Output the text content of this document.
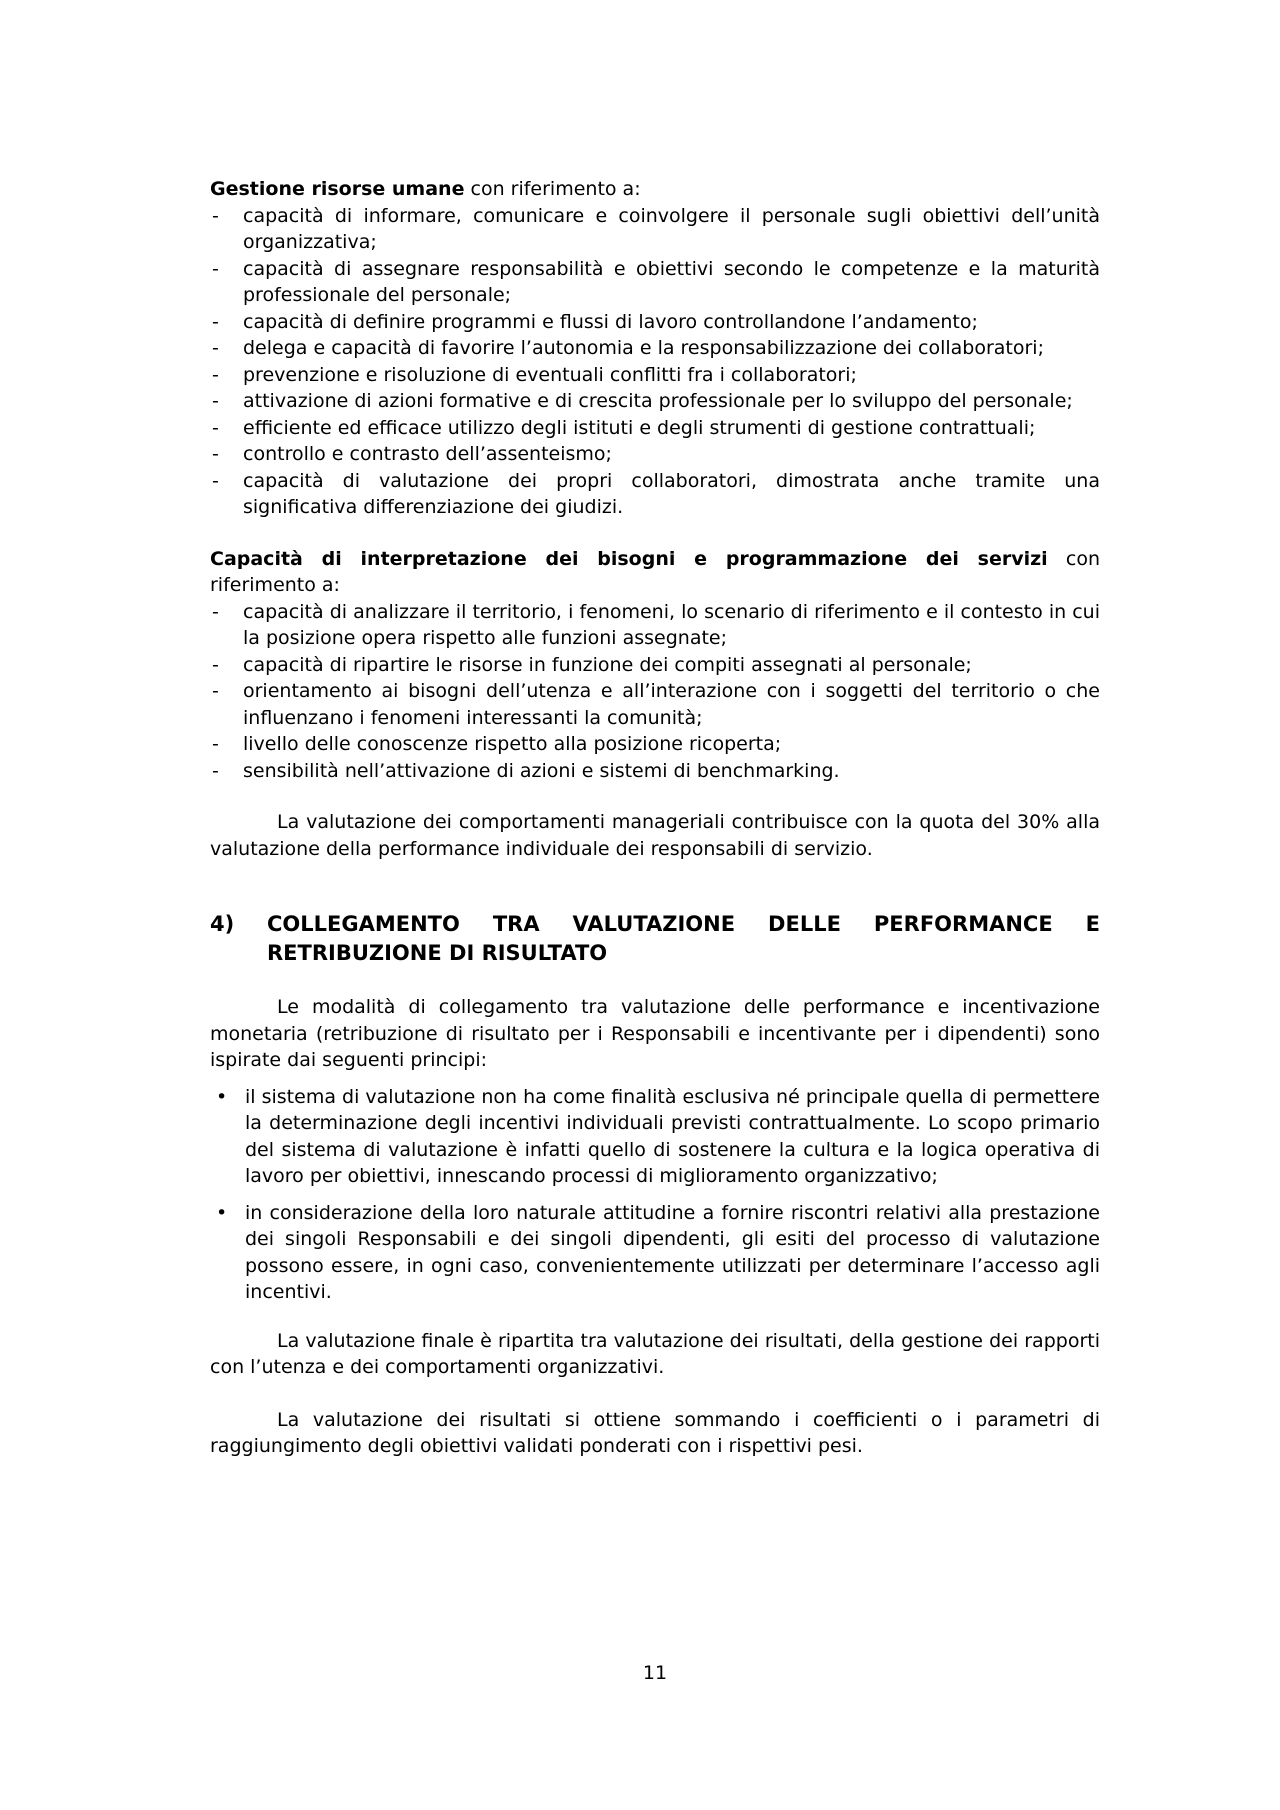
Gestione risorse umane con riferimento a:

- capacità di informare, comunicare e coinvolgere il personale sugli obiettivi dell’unità organizzativa;
- capacità di assegnare responsabilità e obiettivi secondo le competenze e la maturità professionale del personale;
- capacità di definire programmi e flussi di lavoro controllandone l’andamento;
- delega e capacità di favorire l’autonomia e la responsabilizzazione dei collaboratori;
- prevenzione e risoluzione di eventuali conflitti fra i collaboratori;
- attivazione di azioni formative e di crescita professionale per lo sviluppo del personale;
- efficiente ed efficace utilizzo degli istituti e degli strumenti di gestione contrattuali;
- controllo e contrasto dell’assenteismo;
- capacità di valutazione dei propri collaboratori, dimostrata anche tramite una significativa differenziazione dei giudizi.

Capacità di interpretazione dei bisogni e programmazione dei servizi con riferimento a:

- capacità di analizzare il territorio, i fenomeni, lo scenario di riferimento e il contesto in cui la posizione opera rispetto alle funzioni assegnate;
- capacità di ripartire le risorse in funzione dei compiti assegnati al personale;
- orientamento ai bisogni dell’utenza e all’interazione con i soggetti del territorio o che influenzano i fenomeni interessanti la comunità;
- livello delle conoscenze rispetto alla posizione ricoperta;
- sensibilità nell’attivazione di azioni e sistemi di benchmarking.

La valutazione dei comportamenti manageriali contribuisce con la quota del 30% alla valutazione della performance individuale dei responsabili di servizio.

4)	COLLEGAMENTO TRA VALUTAZIONE DELLE PERFORMANCE E RETRIBUZIONE DI RISULTATO

Le modalità di collegamento tra valutazione delle performance e incentivazione monetaria (retribuzione di risultato per i Responsabili e incentivante per i dipendenti) sono ispirate dai seguenti principi:

• il sistema di valutazione non ha come finalità esclusiva né principale quella di permettere la determinazione degli incentivi individuali previsti contrattualmente. Lo scopo primario del sistema di valutazione è infatti quello di sostenere la cultura e la logica operativa di lavoro per obiettivi, innescando processi di miglioramento organizzativo;
• in considerazione della loro naturale attitudine a fornire riscontri relativi alla prestazione dei singoli Responsabili e dei singoli dipendenti, gli esiti del processo di valutazione possono essere, in ogni caso, convenientemente utilizzati per determinare l’accesso agli incentivi.

La valutazione finale è ripartita tra valutazione dei risultati, della gestione dei rapporti con l’utenza e dei comportamenti organizzativi.

La valutazione dei risultati si ottiene sommando i coefficienti o i parametri di raggiungimento degli obiettivi validati ponderati con i rispettivi pesi.

11
